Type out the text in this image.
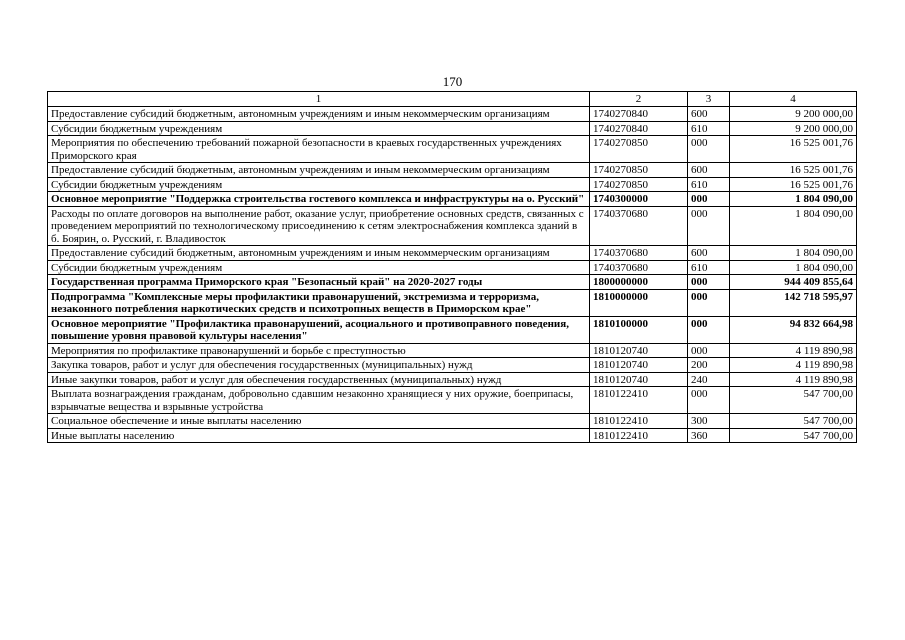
170
1	2	3	4
Предоставление субсидий бюджетным, автономным учреждениям и иным некоммерческим организациям	1740270840	600	9 200 000,00
Субсидии бюджетным учреждениям	1740270840	610	9 200 000,00
Мероприятия по обеспечению требований пожарной безопасности в краевых государственных учреждениях Приморского края	1740270850	000	16 525 001,76
Предоставление субсидий бюджетным, автономным учреждениям и иным некоммерческим организациям	1740270850	600	16 525 001,76
Субсидии бюджетным учреждениям	1740270850	610	16 525 001,76
Основное мероприятие "Поддержка строительства гостевого комплекса и инфраструктуры на о. Русский"	1740300000	000	1 804 090,00
Расходы по оплате договоров на выполнение работ, оказание услуг, приобретение основных средств, связанных с проведением мероприятий по технологическому присоединению к сетям электроснабжения комплекса зданий в б. Боярин, о. Русский, г. Владивосток	1740370680	000	1 804 090,00
Предоставление субсидий бюджетным, автономным учреждениям и иным некоммерческим организациям	1740370680	600	1 804 090,00
Субсидии бюджетным учреждениям	1740370680	610	1 804 090,00
Государственная программа Приморского края "Безопасный край" на 2020-2027 годы	1800000000	000	944 409 855,64
Подпрограмма "Комплексные меры профилактики правонарушений, экстремизма и терроризма, незаконного потребления наркотических средств и психотропных веществ в Приморском крае"	1810000000	000	142 718 595,97
Основное мероприятие "Профилактика правонарушений, асоциального и противоправного поведения, повышение уровня правовой культуры населения"	1810100000	000	94 832 664,98
Мероприятия по профилактике правонарушений и борьбе с преступностью	1810120740	000	4 119 890,98
Закупка товаров, работ и услуг для обеспечения государственных (муниципальных) нужд	1810120740	200	4 119 890,98
Иные закупки товаров, работ и услуг для обеспечения государственных (муниципальных) нужд	1810120740	240	4 119 890,98
Выплата вознаграждения гражданам, добровольно сдавшим незаконно хранящиеся у них оружие, боеприпасы, взрывчатые вещества и взрывные устройства	1810122410	000	547 700,00
Социальное обеспечение и иные выплаты населению	1810122410	300	547 700,00
Иные выплаты населению	1810122410	360	547 700,00
